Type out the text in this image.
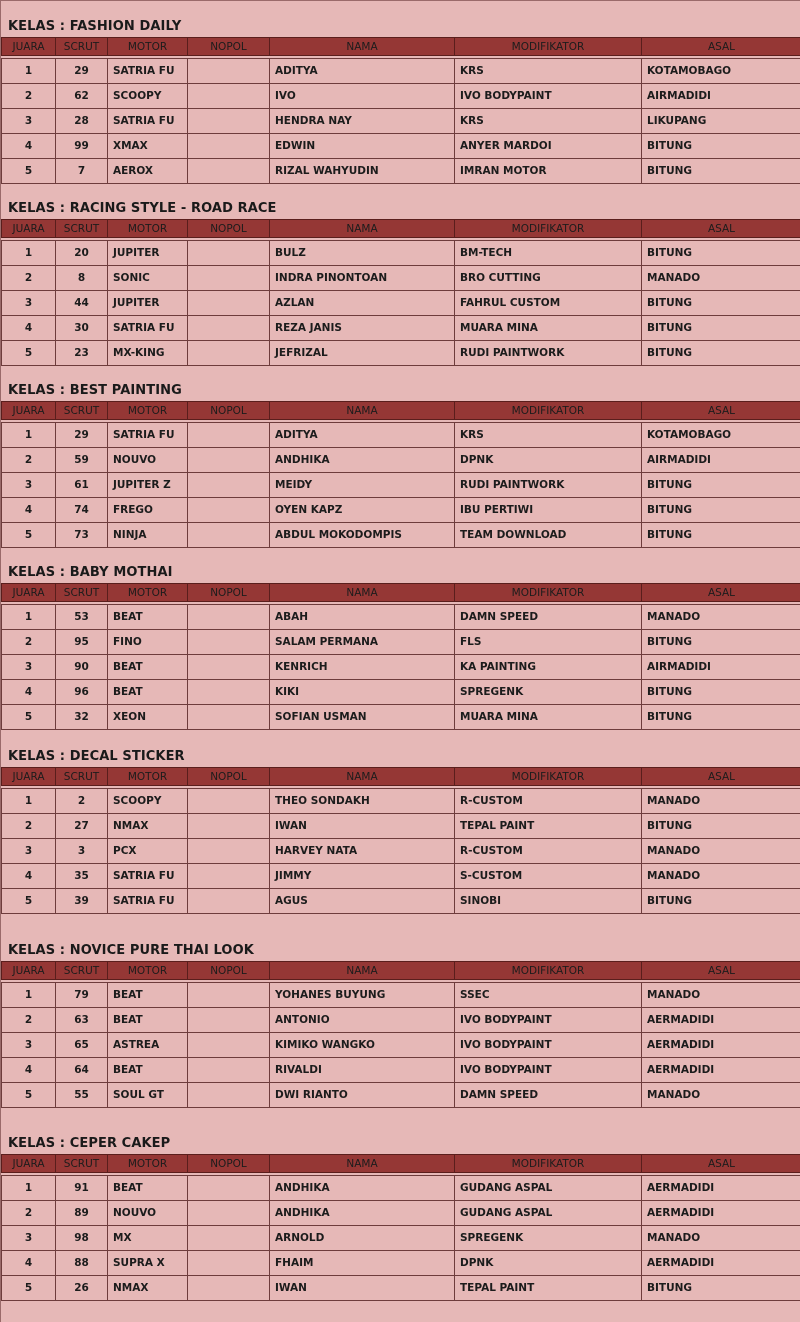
KELAS : FASHION DAILY
JUARA	SCRUT	MOTOR	NOPOL	NAMA	MODIFIKATOR	ASAL

1	29	SATRIA FU		ADITYA	KRS	KOTAMOBAGO
2	62	SCOOPY		IVO	IVO BODYPAINT	AIRMADIDI
3	28	SATRIA FU		HENDRA NAY	KRS	LIKUPANG
4	99	XMAX		EDWIN	ANYER MARDOI	BITUNG
5	7	AEROX		RIZAL WAHYUDIN	IMRAN MOTOR	BITUNG
KELAS : RACING STYLE - ROAD RACE
JUARA	SCRUT	MOTOR	NOPOL	NAMA	MODIFIKATOR	ASAL

1	20	JUPITER		BULZ	BM-TECH	BITUNG
2	8	SONIC		INDRA PINONTOAN	BRO CUTTING	MANADO
3	44	JUPITER		AZLAN	FAHRUL CUSTOM	BITUNG
4	30	SATRIA FU		REZA JANIS	MUARA MINA	BITUNG
5	23	MX-KING		JEFRIZAL	RUDI PAINTWORK	BITUNG
KELAS : BEST PAINTING
JUARA	SCRUT	MOTOR	NOPOL	NAMA	MODIFIKATOR	ASAL

1	29	SATRIA FU		ADITYA	KRS	KOTAMOBAGO
2	59	NOUVO		ANDHIKA	DPNK	AIRMADIDI
3	61	JUPITER Z		MEIDY	RUDI PAINTWORK	BITUNG
4	74	FREGO		OYEN KAPZ	IBU PERTIWI	BITUNG
5	73	NINJA		ABDUL MOKODOMPIS	TEAM DOWNLOAD	BITUNG
KELAS : BABY MOTHAI
JUARA	SCRUT	MOTOR	NOPOL	NAMA	MODIFIKATOR	ASAL

1	53	BEAT		ABAH	DAMN SPEED	MANADO
2	95	FINO		SALAM PERMANA	FLS	BITUNG
3	90	BEAT		KENRICH	KA PAINTING	AIRMADIDI
4	96	BEAT		KIKI	SPREGENK	BITUNG
5	32	XEON		SOFIAN USMAN	MUARA MINA	BITUNG
KELAS : DECAL STICKER
JUARA	SCRUT	MOTOR	NOPOL	NAMA	MODIFIKATOR	ASAL

1	2	SCOOPY		THEO SONDAKH	R-CUSTOM	MANADO
2	27	NMAX		IWAN	TEPAL PAINT	BITUNG
3	3	PCX		HARVEY NATA	R-CUSTOM	MANADO
4	35	SATRIA FU		JIMMY	S-CUSTOM	MANADO
5	39	SATRIA FU		AGUS	SINOBI	BITUNG
KELAS : NOVICE PURE THAI LOOK
JUARA	SCRUT	MOTOR	NOPOL	NAMA	MODIFIKATOR	ASAL

1	79	BEAT		YOHANES BUYUNG	SSEC	MANADO
2	63	BEAT		ANTONIO	IVO BODYPAINT	AERMADIDI
3	65	ASTREA		KIMIKO WANGKO	IVO BODYPAINT	AERMADIDI
4	64	BEAT		RIVALDI	IVO BODYPAINT	AERMADIDI
5	55	SOUL GT		DWI RIANTO	DAMN SPEED	MANADO
KELAS : CEPER CAKEP
JUARA	SCRUT	MOTOR	NOPOL	NAMA	MODIFIKATOR	ASAL

1	91	BEAT		ANDHIKA	GUDANG ASPAL	AERMADIDI
2	89	NOUVO		ANDHIKA	GUDANG ASPAL	AERMADIDI
3	98	MX		ARNOLD	SPREGENK	MANADO
4	88	SUPRA X		FHAIM	DPNK	AERMADIDI
5	26	NMAX		IWAN	TEPAL PAINT	BITUNG
